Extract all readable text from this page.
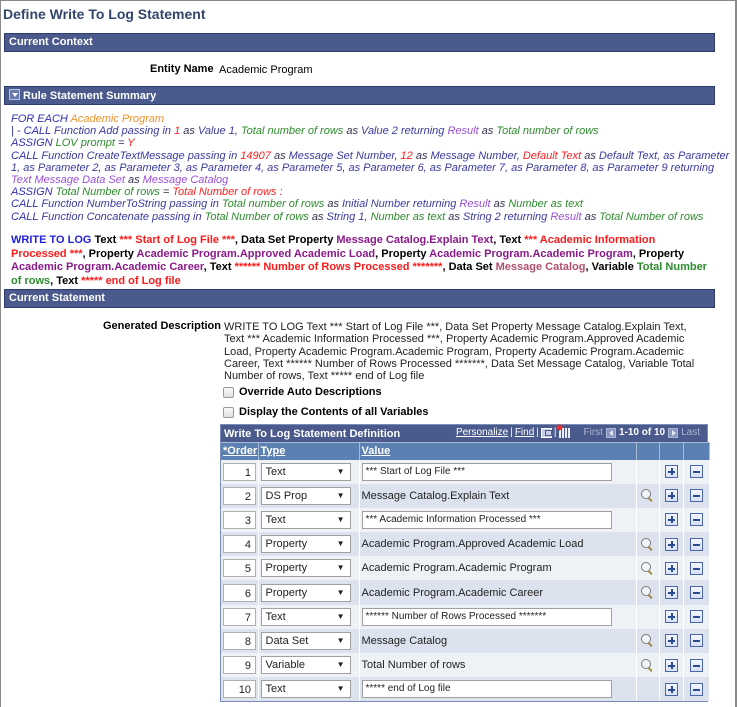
Define Write To Log Statement
Current Context
Entity Name Academic Program
Rule Statement Summary
FOR EACH Academic Program
| - CALL Function Add passing in 1 as Value 1, Total number of rows as Value 2 returning Result as Total number of rows
ASSIGN LOV prompt = Y
CALL Function CreateTextMessage passing in 14907 as Message Set Number, 12 as Message Number, Default Text as Default Text, as Parameter
1, as Parameter 2, as Parameter 3, as Parameter 4, as Parameter 5, as Parameter 6, as Parameter 7, as Parameter 8, as Parameter 9 returning
Text Message Data Set as Message Catalog
ASSIGN Total Number of rows = Total Number of rows :
CALL Function NumberToString passing in Total number of rows as Initial Number returning Result as Number as text
CALL Function Concatenate passing in Total Number of rows as String 1, Number as text as String 2 returning Result as Total Number of rows
WRITE TO LOG Text *** Start of Log File ***, Data Set Property Message Catalog.Explain Text, Text *** Academic Information Processed ***, Property Academic Program.Approved Academic Load, Property Academic Program.Academic Program, Property Academic Program.Academic Career, Text ****** Number of Rows Processed *******, Data Set Message Catalog, Variable Total Number of rows, Text ***** end of Log file
Current Statement
Generated Description WRITE TO LOG Text *** Start of Log File ***, Data Set Property Message Catalog.Explain Text, Text *** Academic Information Processed ***, Property Academic Program.Approved Academic Load, Property Academic Program.Academic Program, Property Academic Program.Academic Career, Text ****** Number of Rows Processed *******, Data Set Message Catalog, Variable Total Number of rows, Text ***** end of Log file
Override Auto Descriptions
Display the Contents of all Variables
Write To Log Statement Definition	Personalize | Find | |	First 1-10 of 10 Last
*Order	Type	Value			

1	Text ▼	*** Start of Log File ***			

2	DS Prop ▼	Message Catalog.Explain Text			

3	Text ▼	*** Academic Information Processed ***			

4	Property ▼	Academic Program.Approved Academic Load			

5	Property ▼	Academic Program.Academic Program			

6	Property ▼	Academic Program.Academic Career			

7	Text ▼	****** Number of Rows Processed *******			

8	Data Set ▼	Message Catalog			

9	Variable ▼	Total Number of rows			

10	Text ▼	***** end of Log file			
